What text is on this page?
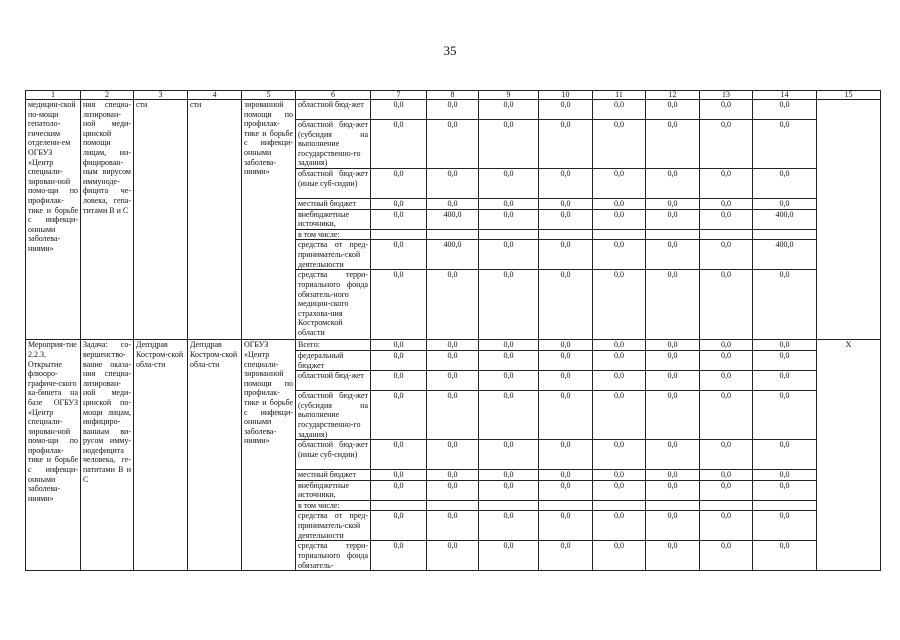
35
1	2	3	4	5	6	7	8	9	10	11	12	13	14	15
медицин-ской по-мощи гепатоло-гическим отделени-ем ОГБУЗ «Центр специали-зирован-ной помо-щи по профилак-тике и борьбе с инфекци-онными заболева-ниями»	ния специа-лизирован-ной меди-цинской помощи лицам, ин-фицирован-ным вирусом иммунодe-фицита че-ловека, гепа-титами В и С	сти	сти	зированной помощи по профилак-тике и борьбе с инфекци-онными заболева-ниями»	областной бюд-жет	0,0	0,0	0,0	0,0	0,0	0,0	0,0	0,0	
					областной бюд-жет (субсидия на выполнение государственно-го задания)	0,0	0,0	0,0	0,0	0,0	0,0	0,0	0,0	
					областной бюд-жет (иные суб-сидии)	0,0	0,0	0,0	0,0	0,0	0,0	0,0	0,0	
					местный бюджет	0,0	0,0	0,0	0,0	0,0	0,0	0,0	0,0	
					внебюджетные источники,	0,0	400,0	0,0	0,0	0,0	0,0	0,0	400,0	
					в том числе:									
					средства от пред-приниматель-ской деятельности	0,0	400,0	0,0	0,0	0,0	0,0	0,0	400,0	
					средства терри-ториального фонда обязатель-ного медицин-ского страхова-ния Костромской области	0,0	0,0	0,0	0,0	0,0	0,0	0,0	0,0	
Мероприя-тие 2.2.3. Открытие флюоро-графиче-ского ка-бинета на базе ОГБУЗ «Центр специали-зирован-ной помо-щи по профилак-тике и борьбе с инфекци-онными заболева-ниями»	Задача: со-вершенство-вание оказа-ния специа-лизирован-ной меди-цинской по-мощи лицам, инфициро-ванным ви-русом имму-нодефицита человека, ге-патитами В и С	Депздрав Костром-ской обла-сти	Депздрав Костром-ской обла-сти	ОГБУЗ «Центр специали-зированной помощи по профилак-тике и борьбе с инфекци-онными заболева-ниями»	Всего:	0,0	0,0	0,0	0,0	0,0	0,0	0,0	0,0	Х
					федеральный бюджет	0,0	0,0	0,0	0,0	0,0	0,0	0,0	0,0	
					областной бюд-жет	0,0	0,0	0,0	0,0	0,0	0,0	0,0	0,0	
					областной бюд-жет (субсидия на выполнение государственно-го задания)	0,0	0,0	0,0	0,0	0,0	0,0	0,0	0,0	
					областной бюд-жет (иные суб-сидии)	0,0	0,0	0,0	0,0	0,0	0,0	0,0	0,0	
					местный бюджет	0,0	0,0	0,0	0,0	0,0	0,0	0,0	0,0	
					внебюджетные источники,	0,0	0,0	0,0	0,0	0,0	0,0	0,0	0,0	
					в том числе:									
					средства от пред-приниматель-ской деятельности	0,0	0,0	0,0	0,0	0,0	0,0	0,0	0,0	
					средства терри-ториального фонда обязатель-	0,0	0,0	0,0	0,0	0,0	0,0	0,0	0,0	
